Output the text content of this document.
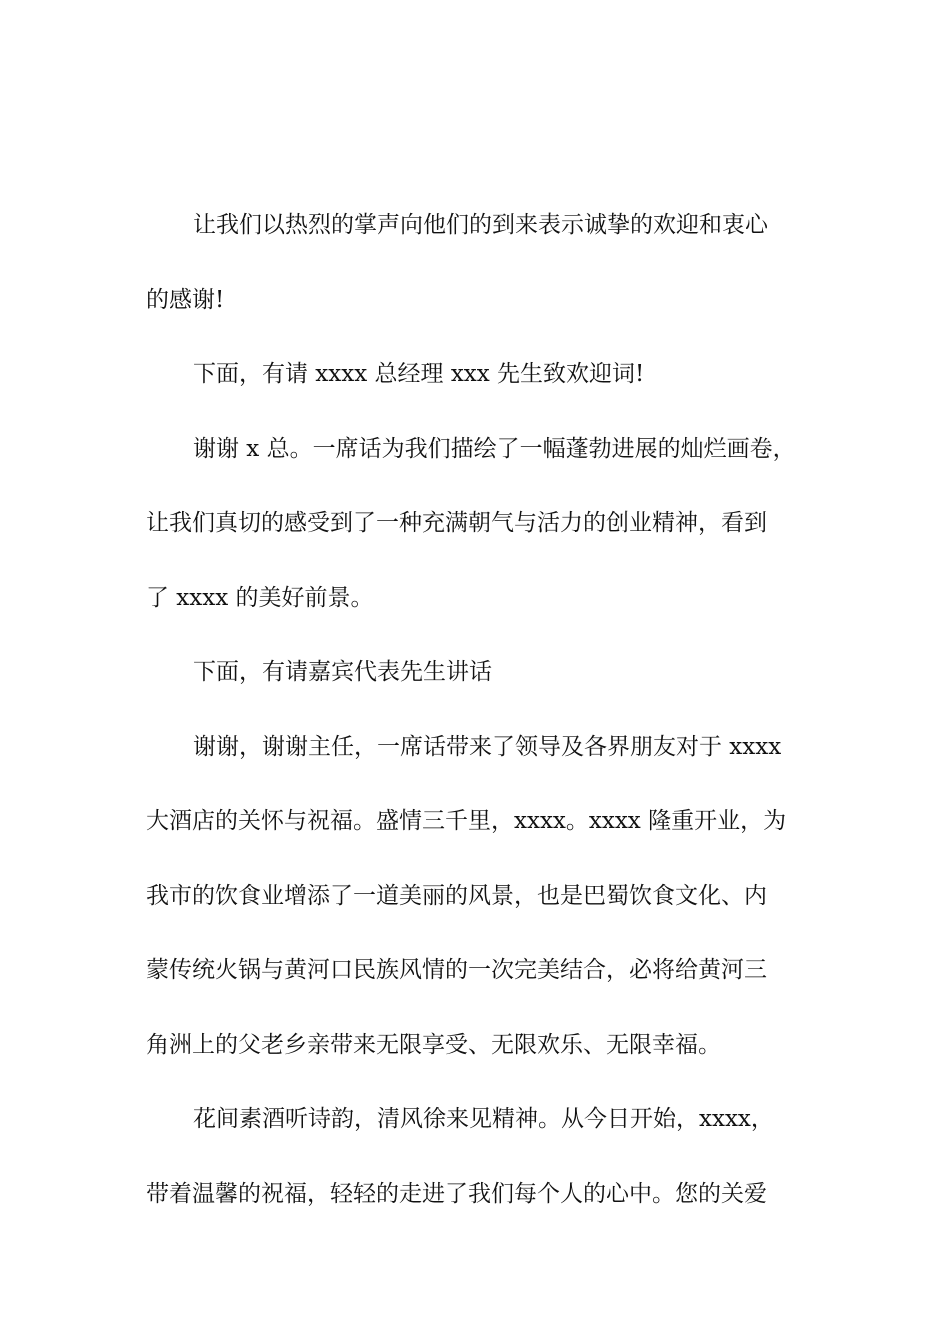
让我们以热烈的掌声向他们的到来表示诚挚的欢迎和衷心
的感谢!
下面，有请 xxxx 总经理 xxx 先生致欢迎词!
谢谢 x 总。一席话为我们描绘了一幅蓬勃进展的灿烂画卷，
让我们真切的感受到了一种充满朝气与活力的创业精神，看到
了 xxxx 的美好前景。
下面，有请嘉宾代表先生讲话
谢谢，谢谢主任，一席话带来了领导及各界朋友对于 xxxx
大酒店的关怀与祝福。盛情三千里，xxxx。xxxx 隆重开业，为
我市的饮食业增添了一道美丽的风景，也是巴蜀饮食文化、内
蒙传统火锅与黄河口民族风情的一次完美结合，必将给黄河三
角洲上的父老乡亲带来无限享受、无限欢乐、无限幸福。
花间素酒听诗韵，清风徐来见精神。从今日开始，xxxx，
带着温馨的祝福，轻轻的走进了我们每个人的心中。您的关爱
